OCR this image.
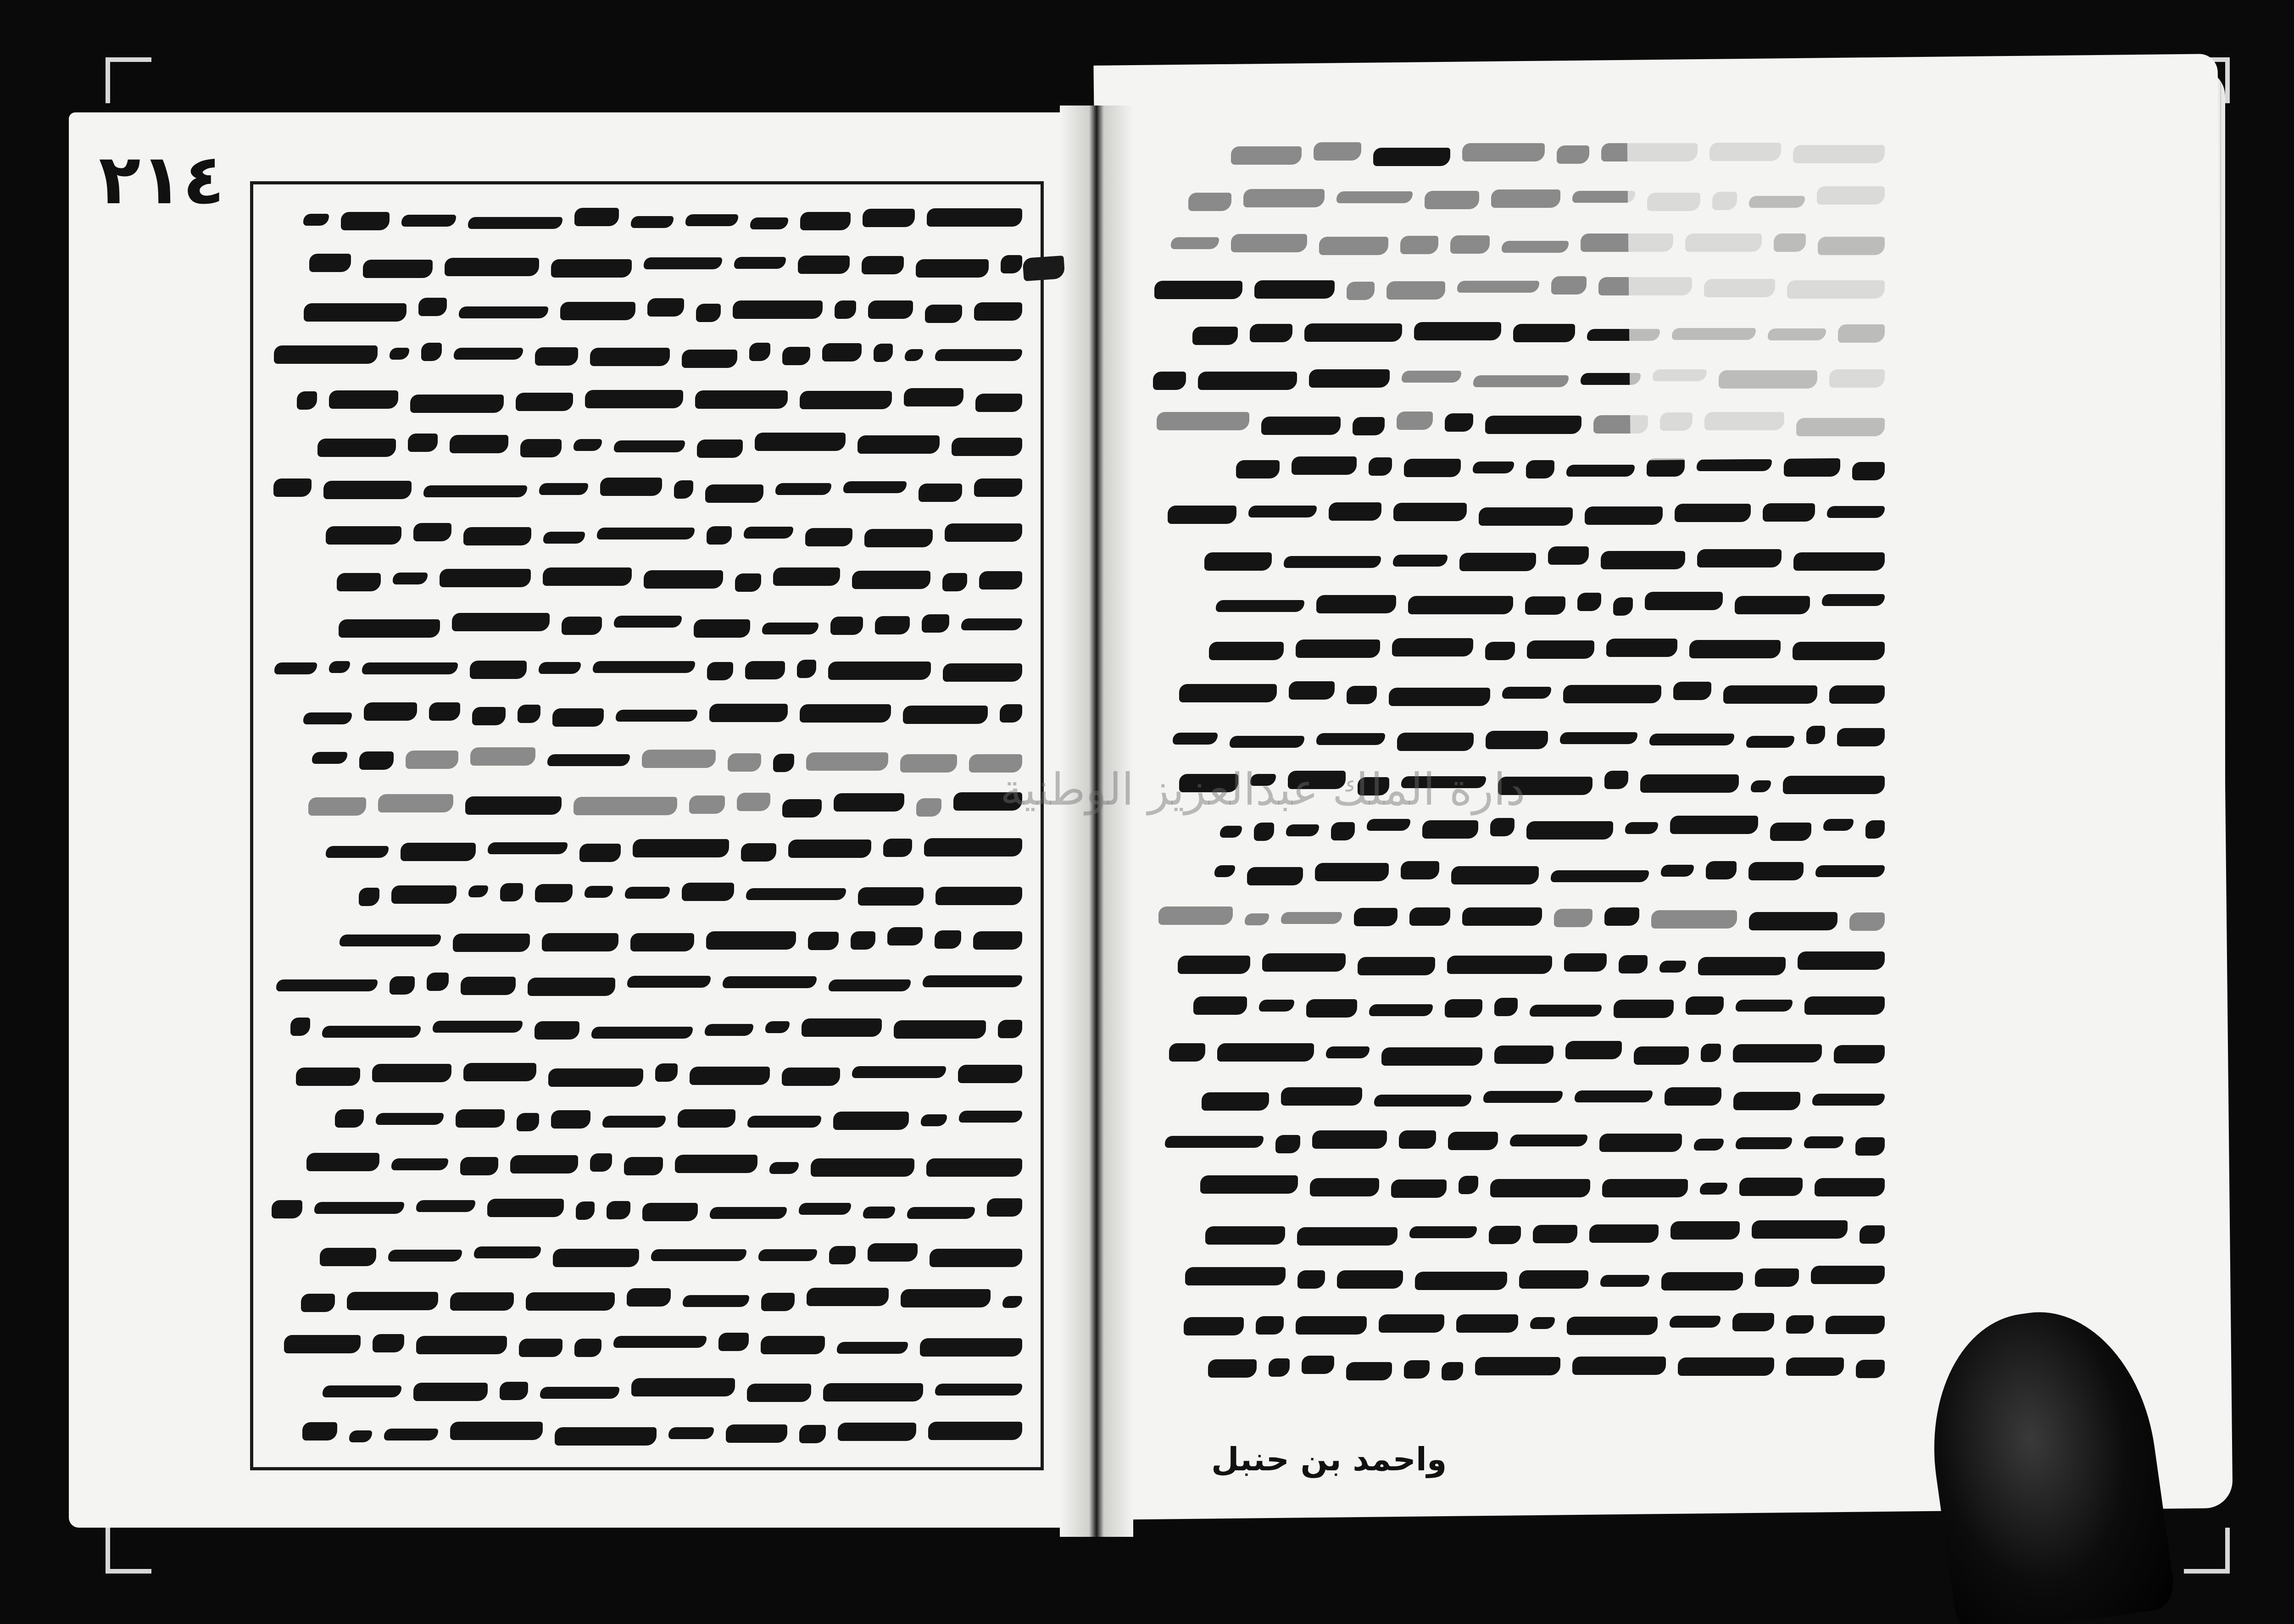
٢١٤
دارة الملك عبدالعزيز الوطنية
واحمد بن حنبل
